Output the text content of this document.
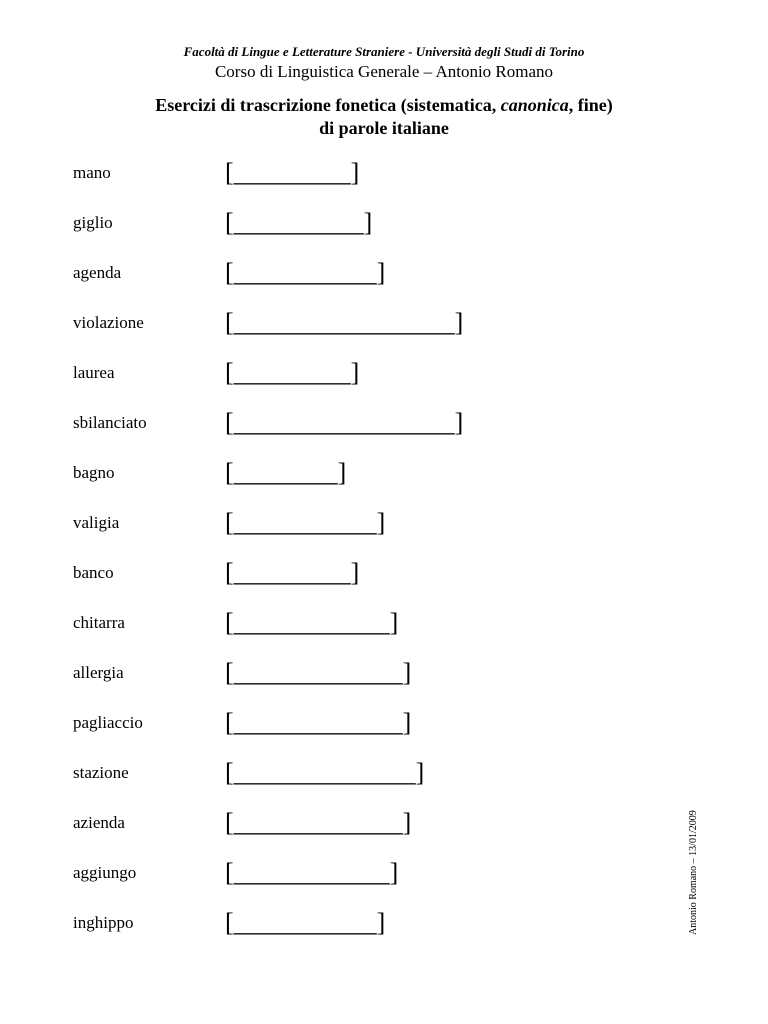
Facoltà di Lingue e Letterature Straniere - Università degli Studi di Torino
Corso di Linguistica Generale – Antonio Romano
Esercizi di trascrizione fonetica (sistematica, canonica, fine)
di parole italiane
mano	[_________]
giglio	[__________]
agenda	[___________]
violazione	[_________________]
laurea	[_________]
sbilanciato	[_________________]
bagno	[________]
valigia	[___________]
banco	[_________]
chitarra	[____________]
allergia	[_____________]
pagliaccio	[_____________]
stazione	[______________]
azienda	[_____________]
aggiungo	[____________]
inghippo	[___________]	Antonio Romano – 13/01/2009
